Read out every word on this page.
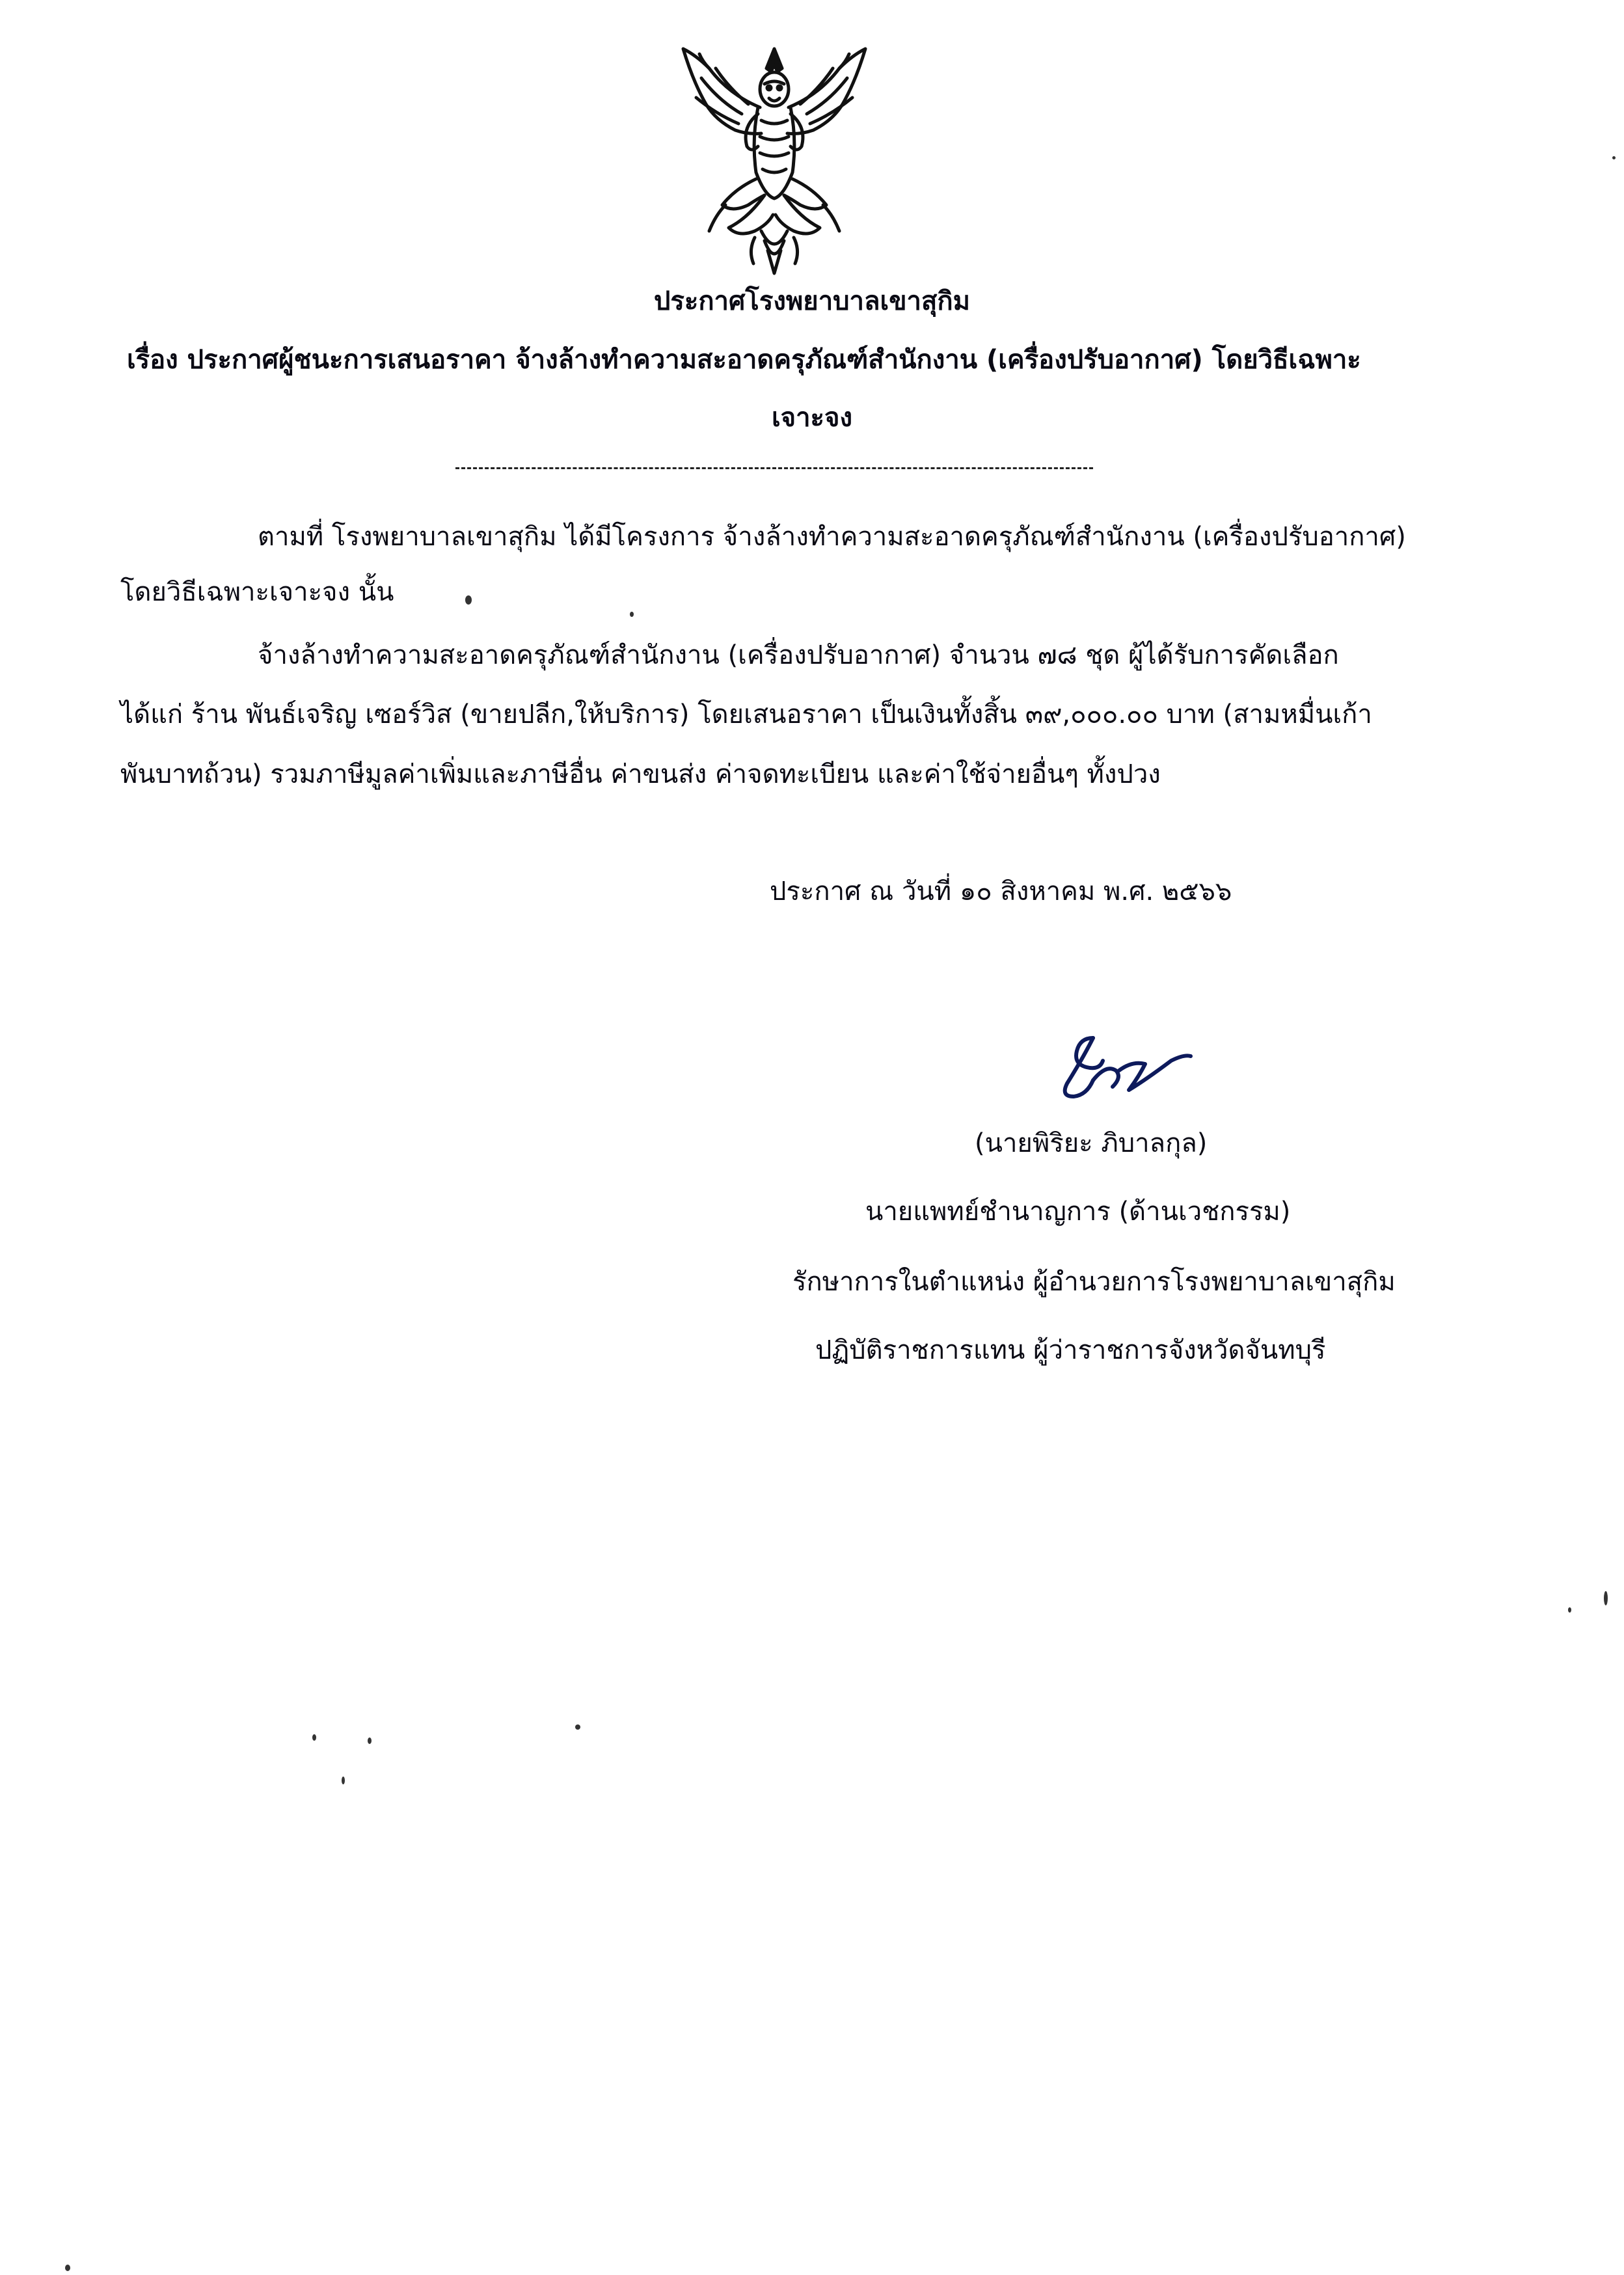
ประกาศโรงพยาบาลเขาสุกิม
เรื่อง ประกาศผู้ชนะการเสนอราคา จ้างล้างทำความสะอาดครุภัณฑ์สำนักงาน (เครื่องปรับอากาศ) โดยวิธีเฉพาะ
เจาะจง
ตามที่ โรงพยาบาลเขาสุกิม ได้มีโครงการ จ้างล้างทำความสะอาดครุภัณฑ์สำนักงาน (เครื่องปรับอากาศ)
โดยวิธีเฉพาะเจาะจง นั้น
จ้างล้างทำความสะอาดครุภัณฑ์สำนักงาน (เครื่องปรับอากาศ) จำนวน ๗๘ ชุด ผู้ได้รับการคัดเลือก
ได้แก่ ร้าน พันธ์เจริญ เซอร์วิส (ขายปลีก,ให้บริการ) โดยเสนอราคา เป็นเงินทั้งสิ้น ๓๙,๐๐๐.๐๐ บาท (สามหมื่นเก้า
พันบาทถ้วน) รวมภาษีมูลค่าเพิ่มและภาษีอื่น ค่าขนส่ง ค่าจดทะเบียน และค่าใช้จ่ายอื่นๆ ทั้งปวง
ประกาศ ณ วันที่ ๑๐ สิงหาคม พ.ศ. ๒๕๖๖
(นายพิริยะ ภิบาลกุล)
นายแพทย์ชำนาญการ (ด้านเวชกรรม)
รักษาการในตำแหน่ง ผู้อำนวยการโรงพยาบาลเขาสุกิม
ปฏิบัติราชการแทน ผู้ว่าราชการจังหวัดจันทบุรี
